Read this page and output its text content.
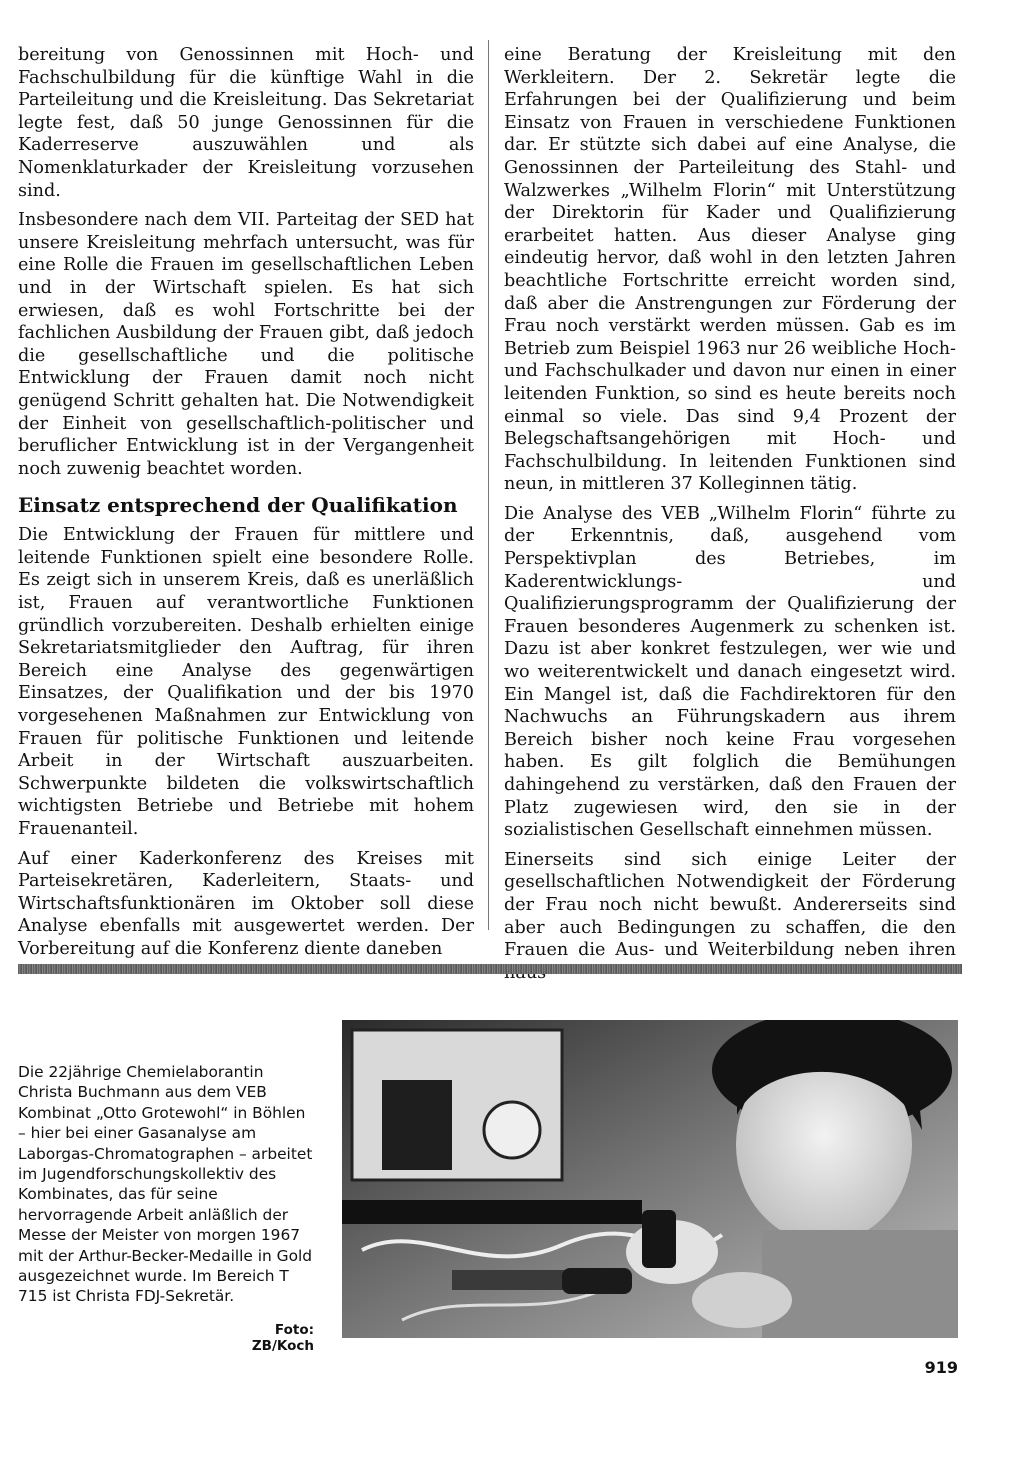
bereitung von Genossinnen mit Hoch- und Fachschulbildung für die künftige Wahl in die Parteileitung und die Kreisleitung. Das Sekretariat legte fest, daß 50 junge Genossinnen für die Kaderreserve auszuwählen und als Nomenklaturkader der Kreisleitung vorzusehen sind.

Insbesondere nach dem VII. Parteitag der SED hat unsere Kreisleitung mehrfach untersucht, was für eine Rolle die Frauen im gesellschaftlichen Leben und in der Wirtschaft spielen. Es hat sich erwiesen, daß es wohl Fortschritte bei der fachlichen Ausbildung der Frauen gibt, daß jedoch die gesellschaftliche und die politische Entwicklung der Frauen damit noch nicht genügend Schritt gehalten hat. Die Notwendigkeit der Einheit von gesellschaftlich-politischer und beruflicher Entwicklung ist in der Vergangenheit noch zuwenig beachtet worden.

Einsatz entsprechend der Qualifikation

Die Entwicklung der Frauen für mittlere und leitende Funktionen spielt eine besondere Rolle. Es zeigt sich in unserem Kreis, daß es unerläßlich ist, Frauen auf verantwortliche Funktionen gründlich vorzubereiten. Deshalb erhielten einige Sekretariatsmitglieder den Auftrag, für ihren Bereich eine Analyse des gegenwärtigen Einsatzes, der Qualifikation und der bis 1970 vorgesehenen Maßnahmen zur Entwicklung von Frauen für politische Funktionen und leitende Arbeit in der Wirtschaft auszuarbeiten. Schwerpunkte bildeten die volkswirtschaftlich wichtigsten Betriebe und Betriebe mit hohem Frauenanteil.

Auf einer Kaderkonferenz des Kreises mit Parteisekretären, Kaderleitern, Staats- und Wirtschaftsfunktionären im Oktober soll diese Analyse ebenfalls mit ausgewertet werden. Der Vorbereitung auf die Konferenz diente daneben

eine Beratung der Kreisleitung mit den Werkleitern. Der 2. Sekretär legte die Erfahrungen bei der Qualifizierung und beim Einsatz von Frauen in verschiedene Funktionen dar. Er stützte sich dabei auf eine Analyse, die Genossinnen der Parteileitung des Stahl- und Walzwerkes „Wilhelm Florin“ mit Unterstützung der Direktorin für Kader und Qualifizierung erarbeitet hatten. Aus dieser Analyse ging eindeutig hervor, daß wohl in den letzten Jahren beachtliche Fortschritte erreicht worden sind, daß aber die Anstrengungen zur Förderung der Frau noch verstärkt werden müssen. Gab es im Betrieb zum Beispiel 1963 nur 26 weibliche Hoch- und Fachschulkader und davon nur einen in einer leitenden Funktion, so sind es heute bereits noch einmal so viele. Das sind 9,4 Prozent der Belegschaftsangehörigen mit Hoch- und Fachschulbildung. In leitenden Funktionen sind neun, in mittleren 37 Kolleginnen tätig.

Die Analyse des VEB „Wilhelm Florin“ führte zu der Erkenntnis, daß, ausgehend vom Perspektivplan des Betriebes, im Kaderentwicklungs- und Qualifizierungsprogramm der Qualifizierung der Frauen besonderes Augenmerk zu schenken ist. Dazu ist aber konkret festzulegen, wer wie und wo weiterentwickelt und danach eingesetzt wird. Ein Mangel ist, daß die Fachdirektoren für den Nachwuchs an Führungskadern aus ihrem Bereich bisher noch keine Frau vorgesehen haben. Es gilt folglich die Bemühungen dahingehend zu verstärken, daß den Frauen der Platz zugewiesen wird, den sie in der sozialistischen Gesellschaft einnehmen müssen.

Einerseits sind sich einige Leiter der gesellschaftlichen Notwendigkeit der Förderung der Frau noch nicht bewußt. Andererseits sind aber auch Bedingungen zu schaffen, die den Frauen die Aus- und Weiterbildung neben ihren

Die 22jährige Chemielaborantin Christa Buchmann aus dem VEB Kombinat „Otto Grotewohl“ in Böhlen – hier bei einer Gasanalyse am Laborgas-Chromatographen – arbeitet im Jugendforschungskollektiv des Kombinates, das für seine hervorragende Arbeit anläßlich der Messe der Meister von morgen 1967 mit der Arthur-Becker-Medaille in Gold ausgezeichnet wurde. Im Bereich T 715 ist Christa FDJ-Sekretär.
Foto: ZB/Koch
919
